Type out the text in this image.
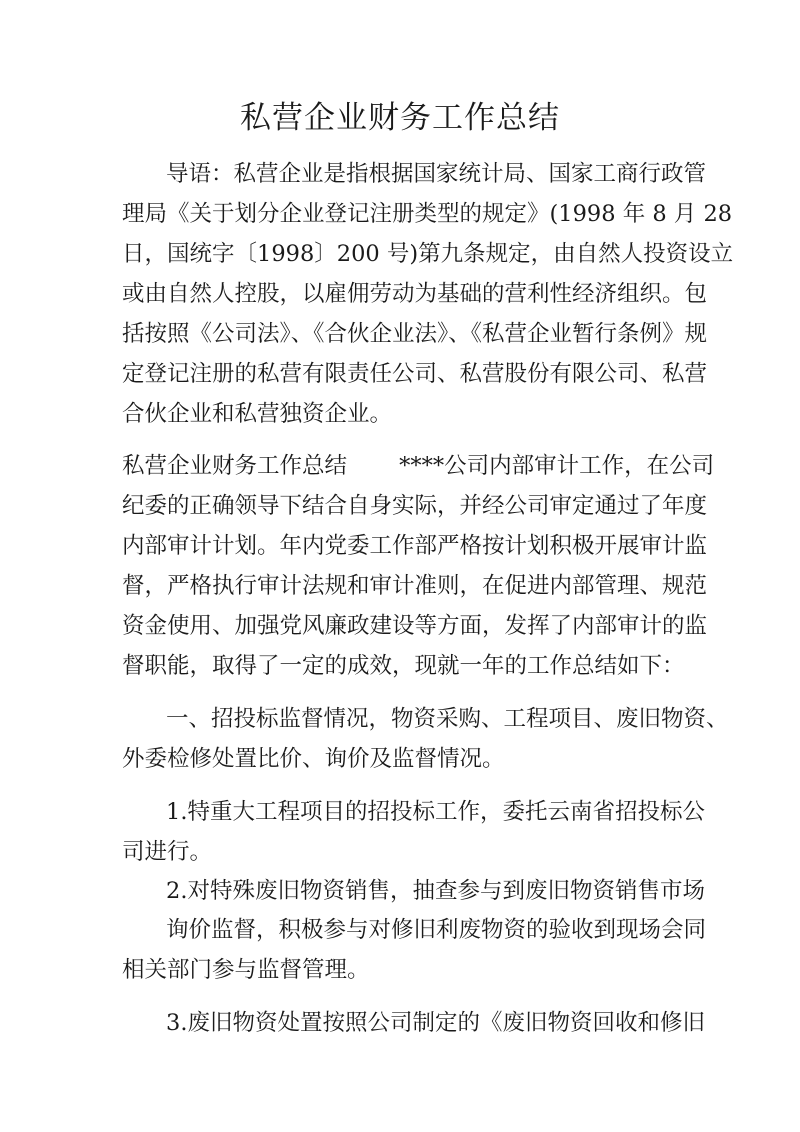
私营企业财务工作总结
导语：私营企业是指根据国家统计局、国家工商行政管
理局《关于划分企业登记注册类型的规定》(1998 年 8 月 28
日，国统字〔1998〕200 号)第九条规定，由自然人投资设立
或由自然人控股，以雇佣劳动为基础的营利性经济组织。包
括按照《公司法》、《合伙企业法》、《私营企业暂行条例》规
定登记注册的私营有限责任公司、私营股份有限公司、私营
合伙企业和私营独资企业。
私营企业财务工作总结　　 ****公司内部审计工作，在公司
纪委的正确领导下结合自身实际，并经公司审定通过了年度
内部审计计划。年内党委工作部严格按计划积极开展审计监
督，严格执行审计法规和审计准则，在促进内部管理、规范
资金使用、加强党风廉政建设等方面，发挥了内部审计的监
督职能，取得了一定的成效，现就一年的工作总结如下：
一、招投标监督情况，物资采购、工程项目、废旧物资、
外委检修处置比价、询价及监督情况。
1.特重大工程项目的招投标工作，委托云南省招投标公
司进行。
2.对特殊废旧物资销售，抽查参与到废旧物资销售市场
询价监督，积极参与对修旧利废物资的验收到现场会同
相关部门参与监督管理。
3.废旧物资处置按照公司制定的《废旧物资回收和修旧
